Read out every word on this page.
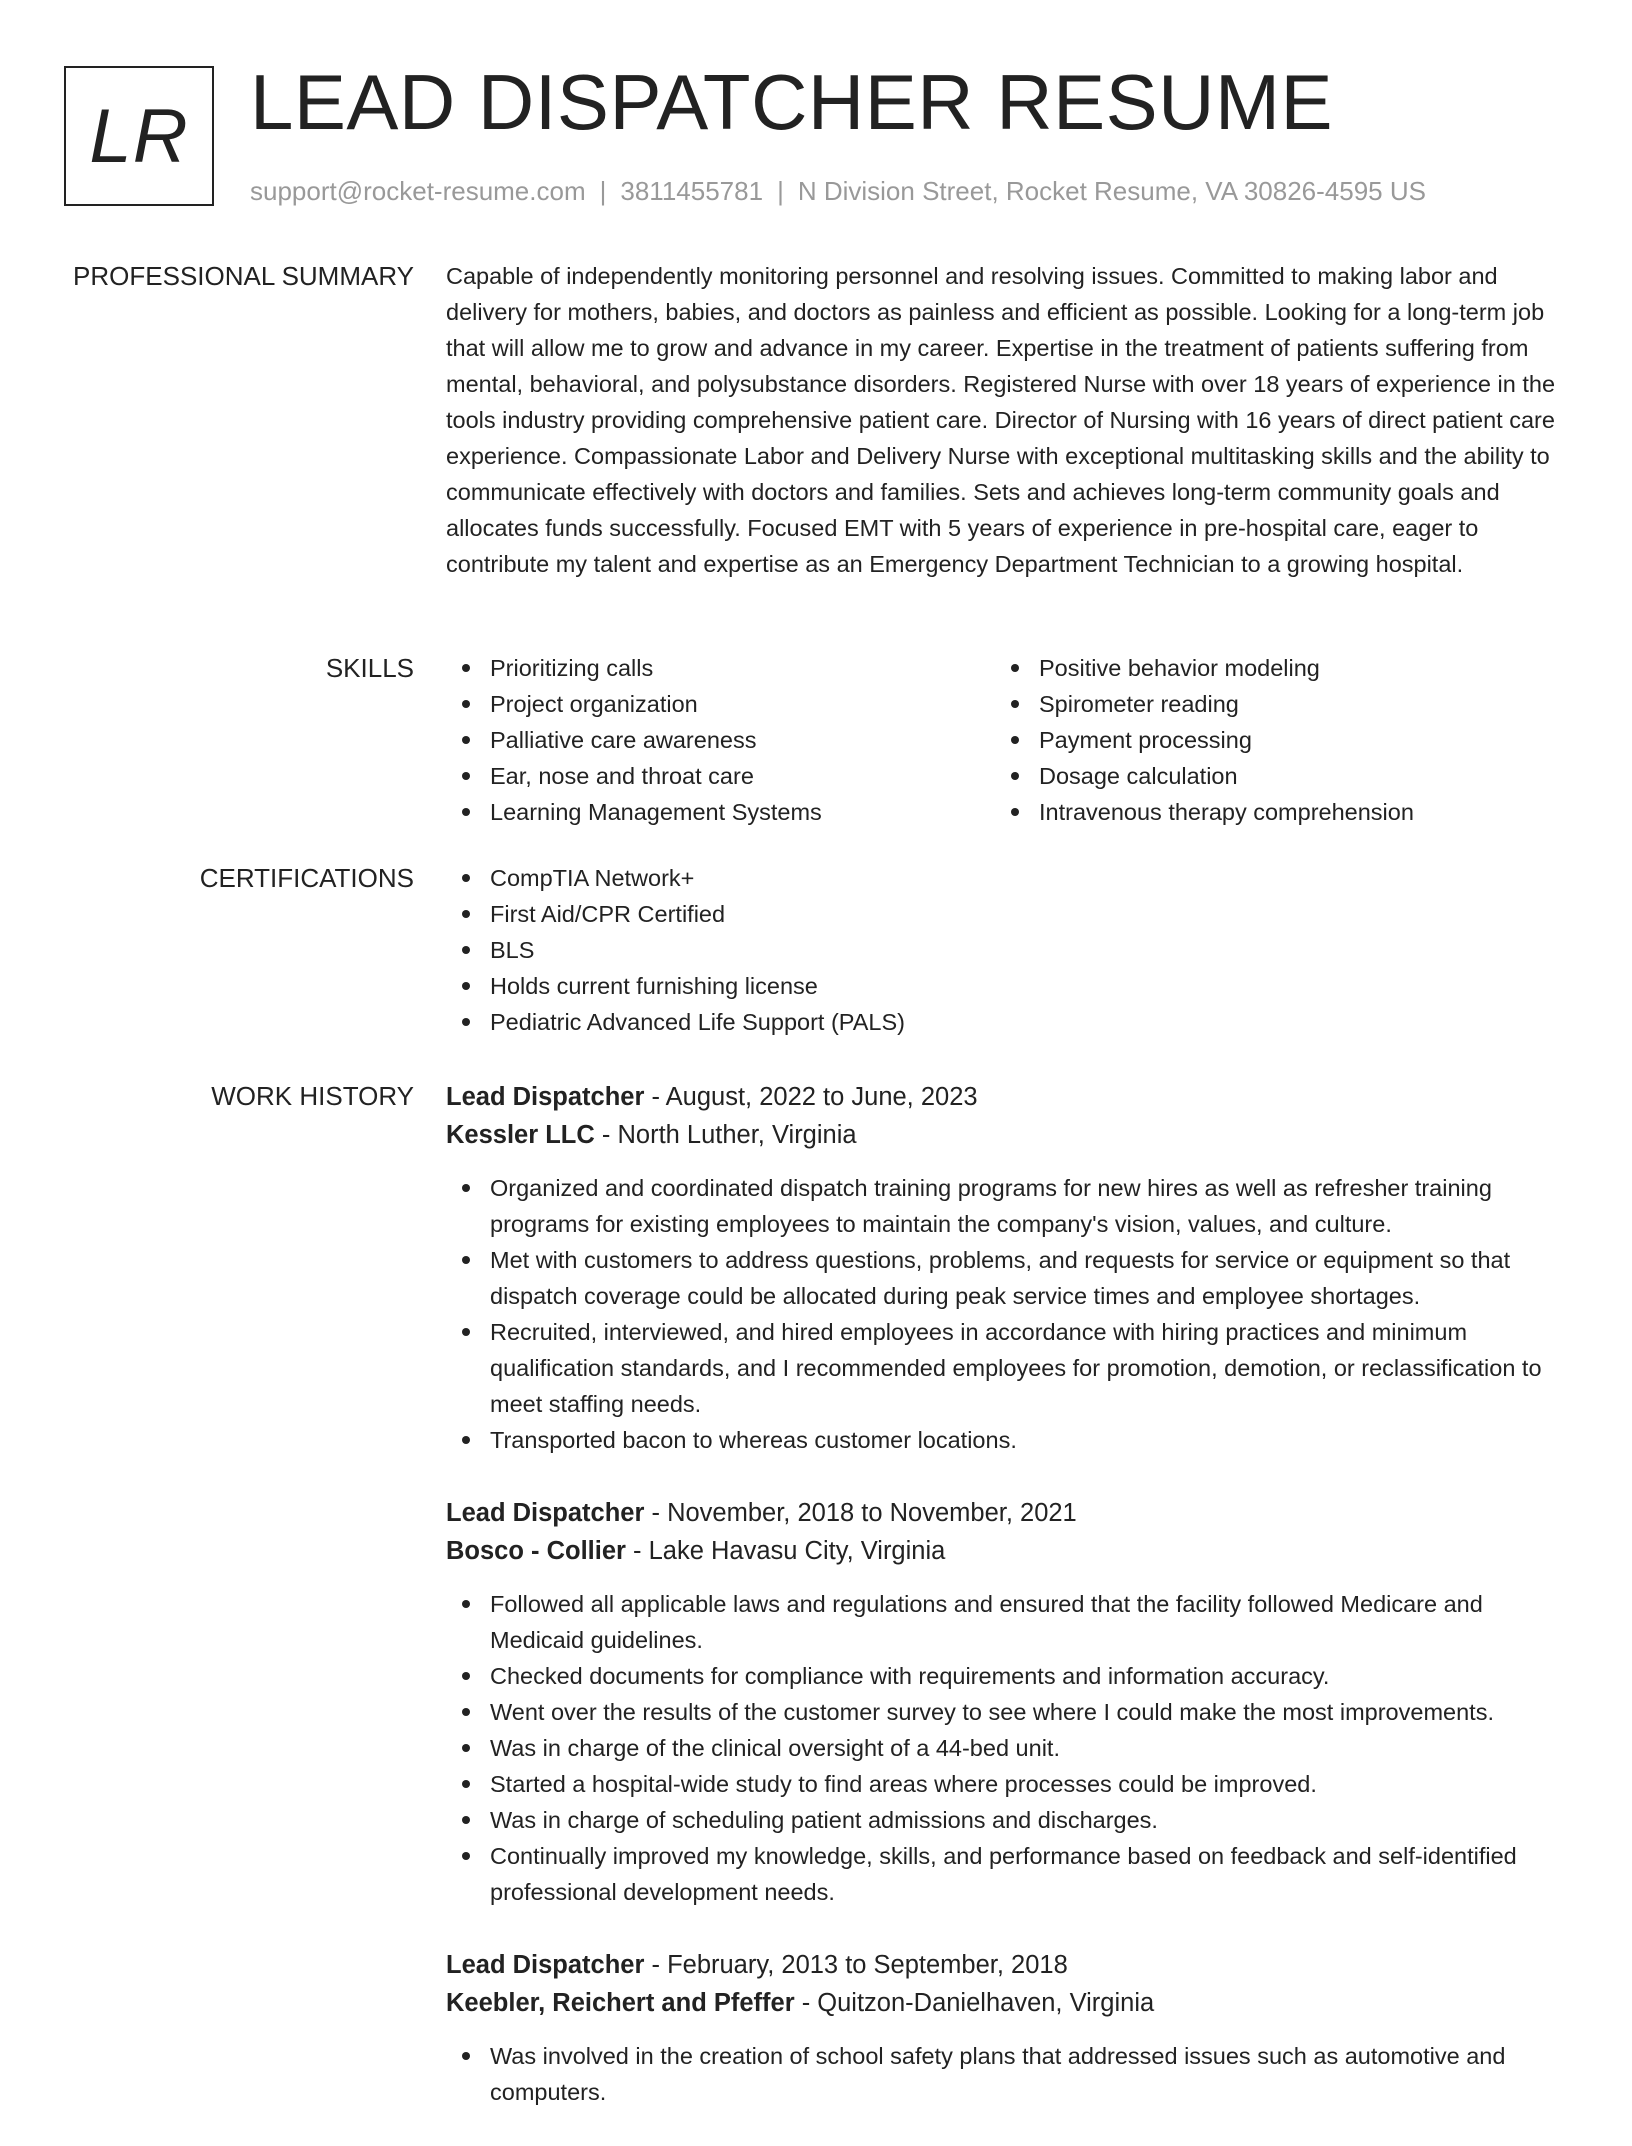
LR LEAD DISPATCHER RESUME
support@rocket-resume.com | 3811455781 | N Division Street, Rocket Resume, VA 30826-4595 US
PROFESSIONAL SUMMARY Capable of independently monitoring personnel and resolving issues. Committed to making labor and delivery for mothers, babies, and doctors as painless and efficient as possible. Looking for a long-term job that will allow me to grow and advance in my career. Expertise in the treatment of patients suffering from mental, behavioral, and polysubstance disorders. Registered Nurse with over 18 years of experience in the tools industry providing comprehensive patient care. Director of Nursing with 16 years of direct patient care experience. Compassionate Labor and Delivery Nurse with exceptional multitasking skills and the ability to communicate effectively with doctors and families. Sets and achieves long-term community goals and allocates funds successfully. Focused EMT with 5 years of experience in pre-hospital care, eager to contribute my talent and expertise as an Emergency Department Technician to a growing hospital.

SKILLS	Prioritizing calls
Project organization
Palliative care awareness
Ear, nose and throat care
Learning Management Systems
Positive behavior modeling
Spirometer reading
Payment processing
Dosage calculation
Intravenous therapy comprehension
CERTIFICATIONS	CompTIA Network+
First Aid/CPR Certified
BLS
Holds current furnishing license
Pediatric Advanced Life Support (PALS)
WORK HISTORY Lead Dispatcher - August, 2022 to June, 2023
Kessler LLC - North Luther, Virginia
Organized and coordinated dispatch training programs for new hires as well as refresher training programs for existing employees to maintain the company's vision, values, and culture.
Met with customers to address questions, problems, and requests for service or equipment so that dispatch coverage could be allocated during peak service times and employee shortages.
Recruited, interviewed, and hired employees in accordance with hiring practices and minimum qualification standards, and I recommended employees for promotion, demotion, or reclassification to meet staffing needs.
Transported bacon to whereas customer locations.
Lead Dispatcher - November, 2018 to November, 2021
Bosco - Collier - Lake Havasu City, Virginia
Followed all applicable laws and regulations and ensured that the facility followed Medicare and Medicaid guidelines.
Checked documents for compliance with requirements and information accuracy.
Went over the results of the customer survey to see where I could make the most improvements.
Was in charge of the clinical oversight of a 44-bed unit.
Started a hospital-wide study to find areas where processes could be improved.
Was in charge of scheduling patient admissions and discharges.
Continually improved my knowledge, skills, and performance based on feedback and self-identified professional development needs.
Lead Dispatcher - February, 2013 to September, 2018
Keebler, Reichert and Pfeffer - Quitzon-Danielhaven, Virginia
Was involved in the creation of school safety plans that addressed issues such as automotive and computers.
